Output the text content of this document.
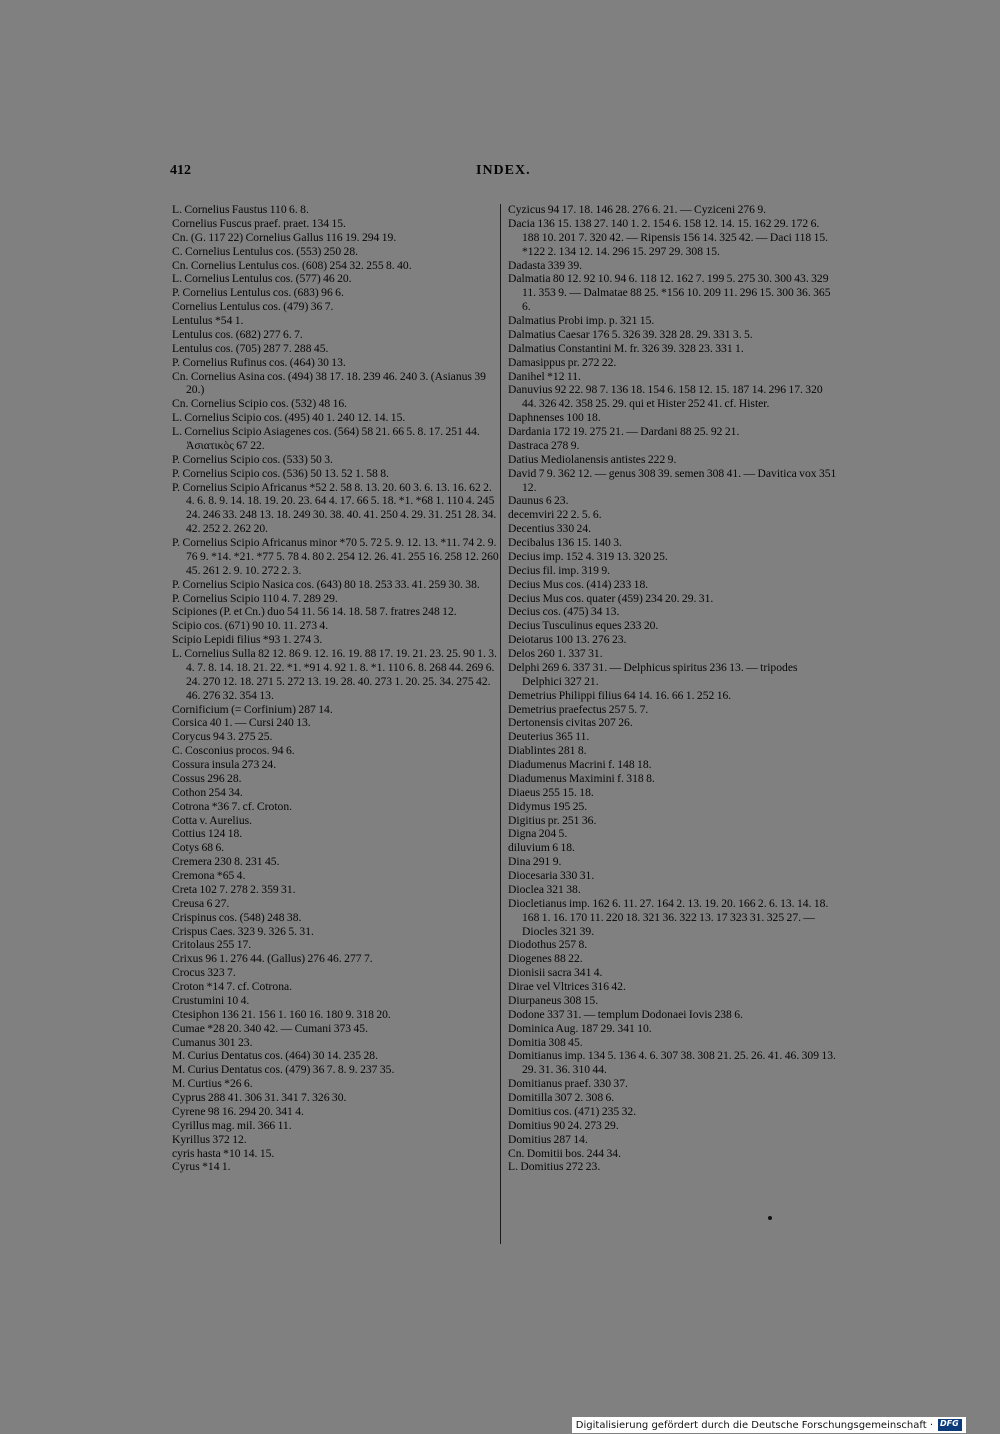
412	INDEX.
L. Cornelius Faustus 110 6. 8.
Cornelius Fuscus praef. praet. 134 15.
Cn. (G. 117 22) Cornelius Gallus 116 19. 294 19.
C. Cornelius Lentulus cos. (553) 250 28.
Cn. Cornelius Lentulus cos. (608) 254 32. 255 8. 40.
L. Cornelius Lentulus cos. (577) 46 20.
P. Cornelius Lentulus cos. (683) 96 6.
Cornelius Lentulus cos. (479) 36 7.
Lentulus *54 1.
Lentulus cos. (682) 277 6. 7.
Lentulus cos. (705) 287 7. 288 45.
P. Cornelius Rufinus cos. (464) 30 13.
Cn. Cornelius Asina cos. (494) 38 17. 18. 239 46. 240 3. (Asianus 39 20.)
Cn. Cornelius Scipio cos. (532) 48 16.
L. Cornelius Scipio cos. (495) 40 1. 240 12. 14. 15.
L. Cornelius Scipio Asiagenes cos. (564) 58 21. 66 5. 8. 17. 251 44. Ἀσιατικὸς 67 22.
P. Cornelius Scipio cos. (533) 50 3.
P. Cornelius Scipio cos. (536) 50 13. 52 1. 58 8.
P. Cornelius Scipio Africanus *52 2. 58 8. 13. 20. 60 3. 6. 13. 16. 62 2. 4. 6. 8. 9. 14. 18. 19. 20. 23. 64 4. 17. 66 5. 18. *1. *68 1. 110 4. 245 24. 246 33. 248 13. 18. 249 30. 38. 40. 41. 250 4. 29. 31. 251 28. 34. 42. 252 2. 262 20.
P. Cornelius Scipio Africanus minor *70 5. 72 5. 9. 12. 13. *11. 74 2. 9. 76 9. *14. *21. *77 5. 78 4. 80 2. 254 12. 26. 41. 255 16. 258 12. 260 45. 261 2. 9. 10. 272 2. 3.
P. Cornelius Scipio Nasica cos. (643) 80 18. 253 33. 41. 259 30. 38.
P. Cornelius Scipio 110 4. 7. 289 29.
Scipiones (P. et Cn.) duo 54 11. 56 14. 18. 58 7. fratres 248 12.
Scipio cos. (671) 90 10. 11. 273 4.
Scipio Lepidi filius *93 1. 274 3.
L. Cornelius Sulla 82 12. 86 9. 12. 16. 19. 88 17. 19. 21. 23. 25. 90 1. 3. 4. 7. 8. 14. 18. 21. 22. *1. *91 4. 92 1. 8. *1. 110 6. 8. 268 44. 269 6. 24. 270 12. 18. 271 5. 272 13. 19. 28. 40. 273 1. 20. 25. 34. 275 42. 46. 276 32. 354 13.
Cornificium (= Corfinium) 287 14.
Corsica 40 1. — Cursi 240 13.
Corycus 94 3. 275 25.
C. Cosconius procos. 94 6.
Cossura insula 273 24.
Cossus 296 28.
Cothon 254 34.
Cotrona *36 7. cf. Croton.
Cotta v. Aurelius.
Cottius 124 18.
Cotys 68 6.
Cremera 230 8. 231 45.
Cremona *65 4.
Creta 102 7. 278 2. 359 31.
Creusa 6 27.
Crispinus cos. (548) 248 38.
Crispus Caes. 323 9. 326 5. 31.
Critolaus 255 17.
Crixus 96 1. 276 44. (Gallus) 276 46. 277 7.
Crocus 323 7.
Croton *14 7. cf. Cotrona.
Crustumini 10 4.
Ctesiphon 136 21. 156 1. 160 16. 180 9. 318 20.
Cumae *28 20. 340 42. — Cumani 373 45.
Cumanus 301 23.
M. Curius Dentatus cos. (464) 30 14. 235 28.
M. Curius Dentatus cos. (479) 36 7. 8. 9. 237 35.
M. Curtius *26 6.
Cyprus 288 41. 306 31. 341 7. 326 30.
Cyrene 98 16. 294 20. 341 4.
Cyrillus mag. mil. 366 11.
Kyrillus 372 12.
cyris hasta *10 14. 15.
Cyrus *14 1.
Cyzicus 94 17. 18. 146 28. 276 6. 21. — Cyziceni 276 9.
Dacia 136 15. 138 27. 140 1. 2. 154 6. 158 12. 14. 15. 162 29. 172 6. 188 10. 201 7. 320 42. — Ripensis 156 14. 325 42. — Daci 118 15. *122 2. 134 12. 14. 296 15. 297 29. 308 15.
Dadasta 339 39.
Dalmatia 80 12. 92 10. 94 6. 118 12. 162 7. 199 5. 275 30. 300 43. 329 11. 353 9. — Dalmatae 88 25. *156 10. 209 11. 296 15. 300 36. 365 6.
Dalmatius Probi imp. p. 321 15.
Dalmatius Caesar 176 5. 326 39. 328 28. 29. 331 3. 5.
Dalmatius Constantini M. fr. 326 39. 328 23. 331 1.
Damasippus pr. 272 22.
Danihel *12 11.
Danuvius 92 22. 98 7. 136 18. 154 6. 158 12. 15. 187 14. 296 17. 320 44. 326 42. 358 25. 29. qui et Hister 252 41. cf. Hister.
Daphnenses 100 18.
Dardania 172 19. 275 21. — Dardani 88 25. 92 21.
Dastraca 278 9.
Datius Mediolanensis antistes 222 9.
David 7 9. 362 12. — genus 308 39. semen 308 41. — Davitica vox 351 12.
Daunus 6 23.
decemviri 22 2. 5. 6.
Decentius 330 24.
Decibalus 136 15. 140 3.
Decius imp. 152 4. 319 13. 320 25.
Decius fil. imp. 319 9.
Decius Mus cos. (414) 233 18.
Decius Mus cos. quater (459) 234 20. 29. 31.
Decius cos. (475) 34 13.
Decius Tusculinus eques 233 20.
Deiotarus 100 13. 276 23.
Delos 260 1. 337 31.
Delphi 269 6. 337 31. — Delphicus spiritus 236 13. — tripodes Delphici 327 21.
Demetrius Philippi filius 64 14. 16. 66 1. 252 16.
Demetrius praefectus 257 5. 7.
Dertonensis civitas 207 26.
Deuterius 365 11.
Diablintes 281 8.
Diadumenus Macrini f. 148 18.
Diadumenus Maximini f. 318 8.
Diaeus 255 15. 18.
Didymus 195 25.
Digitius pr. 251 36.
Digna 204 5.
diluvium 6 18.
Dina 291 9.
Diocesaria 330 31.
Dioclea 321 38.
Diocletianus imp. 162 6. 11. 27. 164 2. 13. 19. 20. 166 2. 6. 13. 14. 18. 168 1. 16. 170 11. 220 18. 321 36. 322 13. 17 323 31. 325 27. — Diocles 321 39.
Diodothus 257 8.
Diogenes 88 22.
Dionisii sacra 341 4.
Dirae vel Vltrices 316 42.
Diurpaneus 308 15.
Dodone 337 31. — templum Dodonaei Iovis 238 6.
Dominica Aug. 187 29. 341 10.
Domitia 308 45.
Domitianus imp. 134 5. 136 4. 6. 307 38. 308 21. 25. 26. 41. 46. 309 13. 29. 31. 36. 310 44.
Domitianus praef. 330 37.
Domitilla 307 2. 308 6.
Domitius cos. (471) 235 32.
Domitius 90 24. 273 29.
Domitius 287 14.
Cn. Domitii bos. 244 34.
L. Domitius 272 23.
Digitalisierung gefördert durch die Deutsche Forschungsgemeinschaft ·
DFG
